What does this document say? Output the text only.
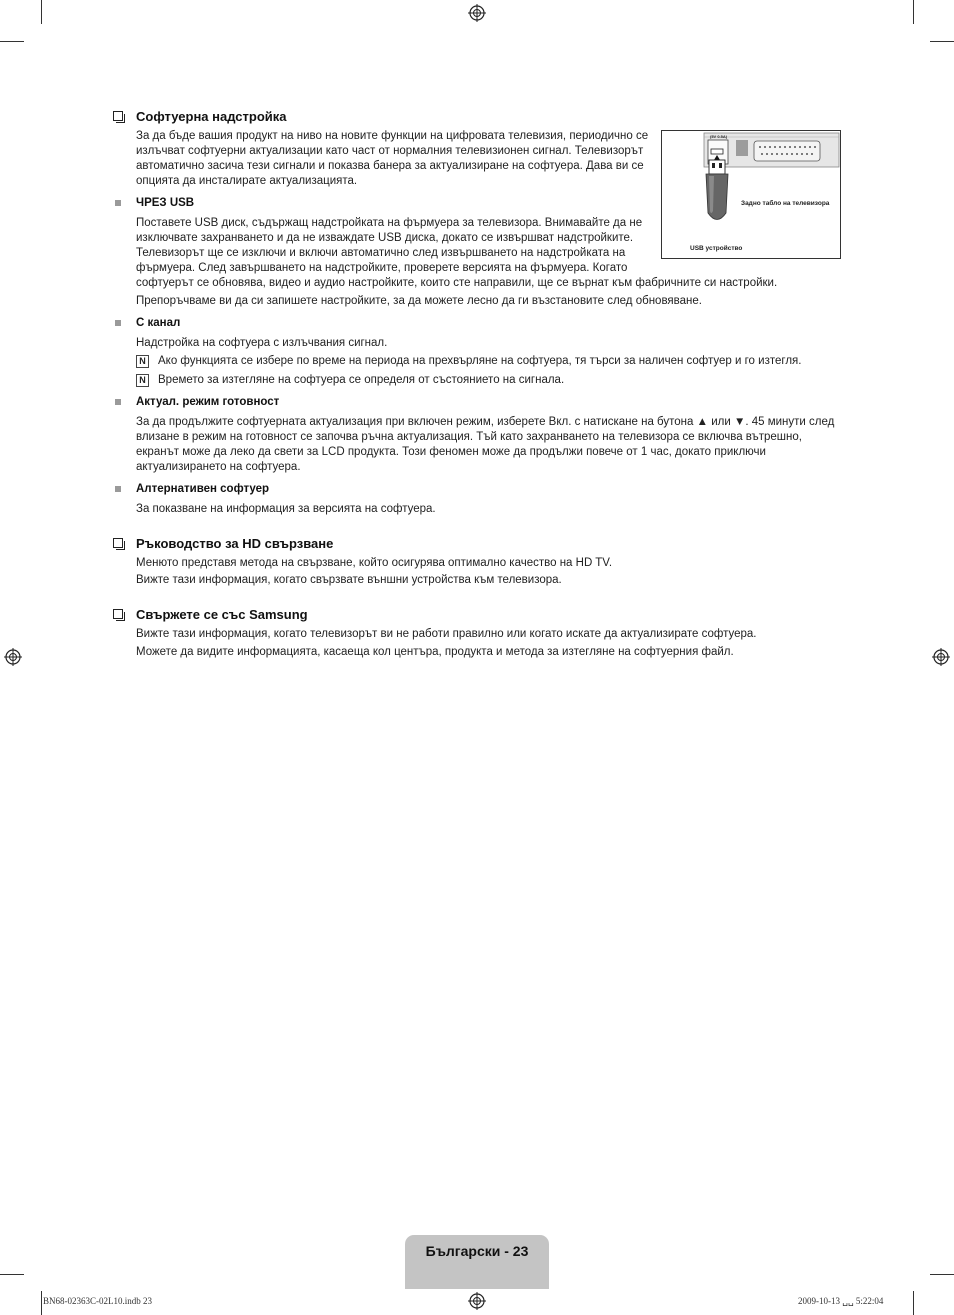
Софтуерна надстройка
(5V 0.5A)
Задно табло на телевизора
USB устройство
За да бъде вашия продукт на ниво на новите функции на цифровата телевизия, периодично се излъчват софтуерни актуализации като част от нормалния телевизионен сигнал. Телевизорът автоматично засича тези сигнали и показва банера за актуализиране на софтуера. Дава ви се опцията да инсталирате актуализацията.
ЧРЕЗ USB
Поставете USB диск, съдържащ надстройката на фърмуера за телевизора. Внимавайте да не изключвате захранването и да не изваждате USB диска, докато се извършват надстройките. Телевизорът ще се изключи и включи автоматично след извършването на надстройката на фърмуера. След завършването на надстройките, проверете версията на фърмуера. Когато софтуерът се обновява, видео и аудио настройките, които сте направили, ще се върнат към фабричните си настройки.
Препоръчваме ви да си запишете настройките, за да можете лесно да ги възстановите след обновяване.
С канал
Надстройка на софтуера с излъчвания сигнал.
N Ако функцията се избере по време на периода на прехвърляне на софтуера, тя търси за наличен софтуер и го изтегля.
N Времето за изтегляне на софтуера се определя от състоянието на сигнала.
Актуал. режим готовност
За да продължите софтуерната актуализация при включен режим, изберете Вкл. с натискане на бутона ▲ или ▼. 45 минути след влизане в режим на готовност се започва ръчна актуализация. Тъй като захранването на телевизора се включва вътрешно, екранът може да леко да свети за LCD продукта. Този феномен може да продължи повече от 1 час, докато приключи актуализирането на софтуера.
Алтернативен софтуер
За показване на информация за версията на софтуера.
Ръководство за HD свързване
Менюто представя метода на свързване, който осигурява оптимално качество на HD TV.
Вижте тази информация, когато свързвате външни устройства към телевизора.
Свържете се със Samsung
Вижте тази информация, когато телевизорът ви не работи правилно или когато искате да актуализирате софтуера.
Можете да видите информацията, касаеща кол центъра, продукта и метода за изтегляне на софтуерния файл.
Български - 23
BN68-02363C-02L10.indb 23	2009-10-13 ␣␣ 5:22:04
